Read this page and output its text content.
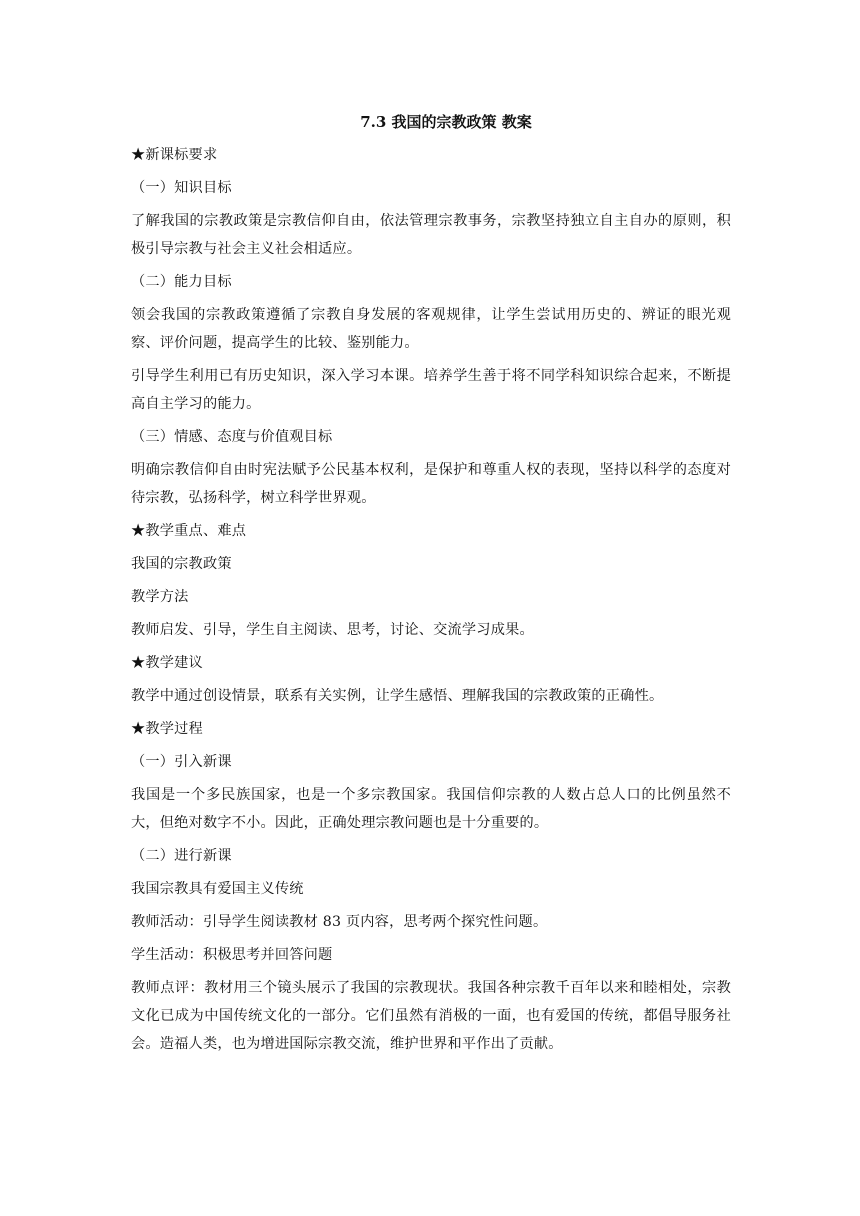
7.3 我国的宗教政策 教案
★新课标要求
（一）知识目标
了解我国的宗教政策是宗教信仰自由，依法管理宗教事务，宗教坚持独立自主自办的原则，积极引导宗教与社会主义社会相适应。
（二）能力目标
领会我国的宗教政策遵循了宗教自身发展的客观规律，让学生尝试用历史的、辨证的眼光观察、评价问题，提高学生的比较、鉴别能力。
引导学生利用已有历史知识，深入学习本课。培养学生善于将不同学科知识综合起来，不断提高自主学习的能力。
（三）情感、态度与价值观目标
明确宗教信仰自由时宪法赋予公民基本权利，是保护和尊重人权的表现，坚持以科学的态度对待宗教，弘扬科学，树立科学世界观。
★教学重点、难点
我国的宗教政策
教学方法
教师启发、引导，学生自主阅读、思考，讨论、交流学习成果。
★教学建议
教学中通过创设情景，联系有关实例，让学生感悟、理解我国的宗教政策的正确性。
★教学过程
（一）引入新课
我国是一个多民族国家，也是一个多宗教国家。我国信仰宗教的人数占总人口的比例虽然不大，但绝对数字不小。因此，正确处理宗教问题也是十分重要的。
（二）进行新课
我国宗教具有爱国主义传统
教师活动：引导学生阅读教材 83 页内容，思考两个探究性问题。
学生活动：积极思考并回答问题
教师点评：教材用三个镜头展示了我国的宗教现状。我国各种宗教千百年以来和睦相处，宗教文化已成为中国传统文化的一部分。它们虽然有消极的一面，也有爱国的传统，都倡导服务社会。造福人类，也为增进国际宗教交流，维护世界和平作出了贡献。
